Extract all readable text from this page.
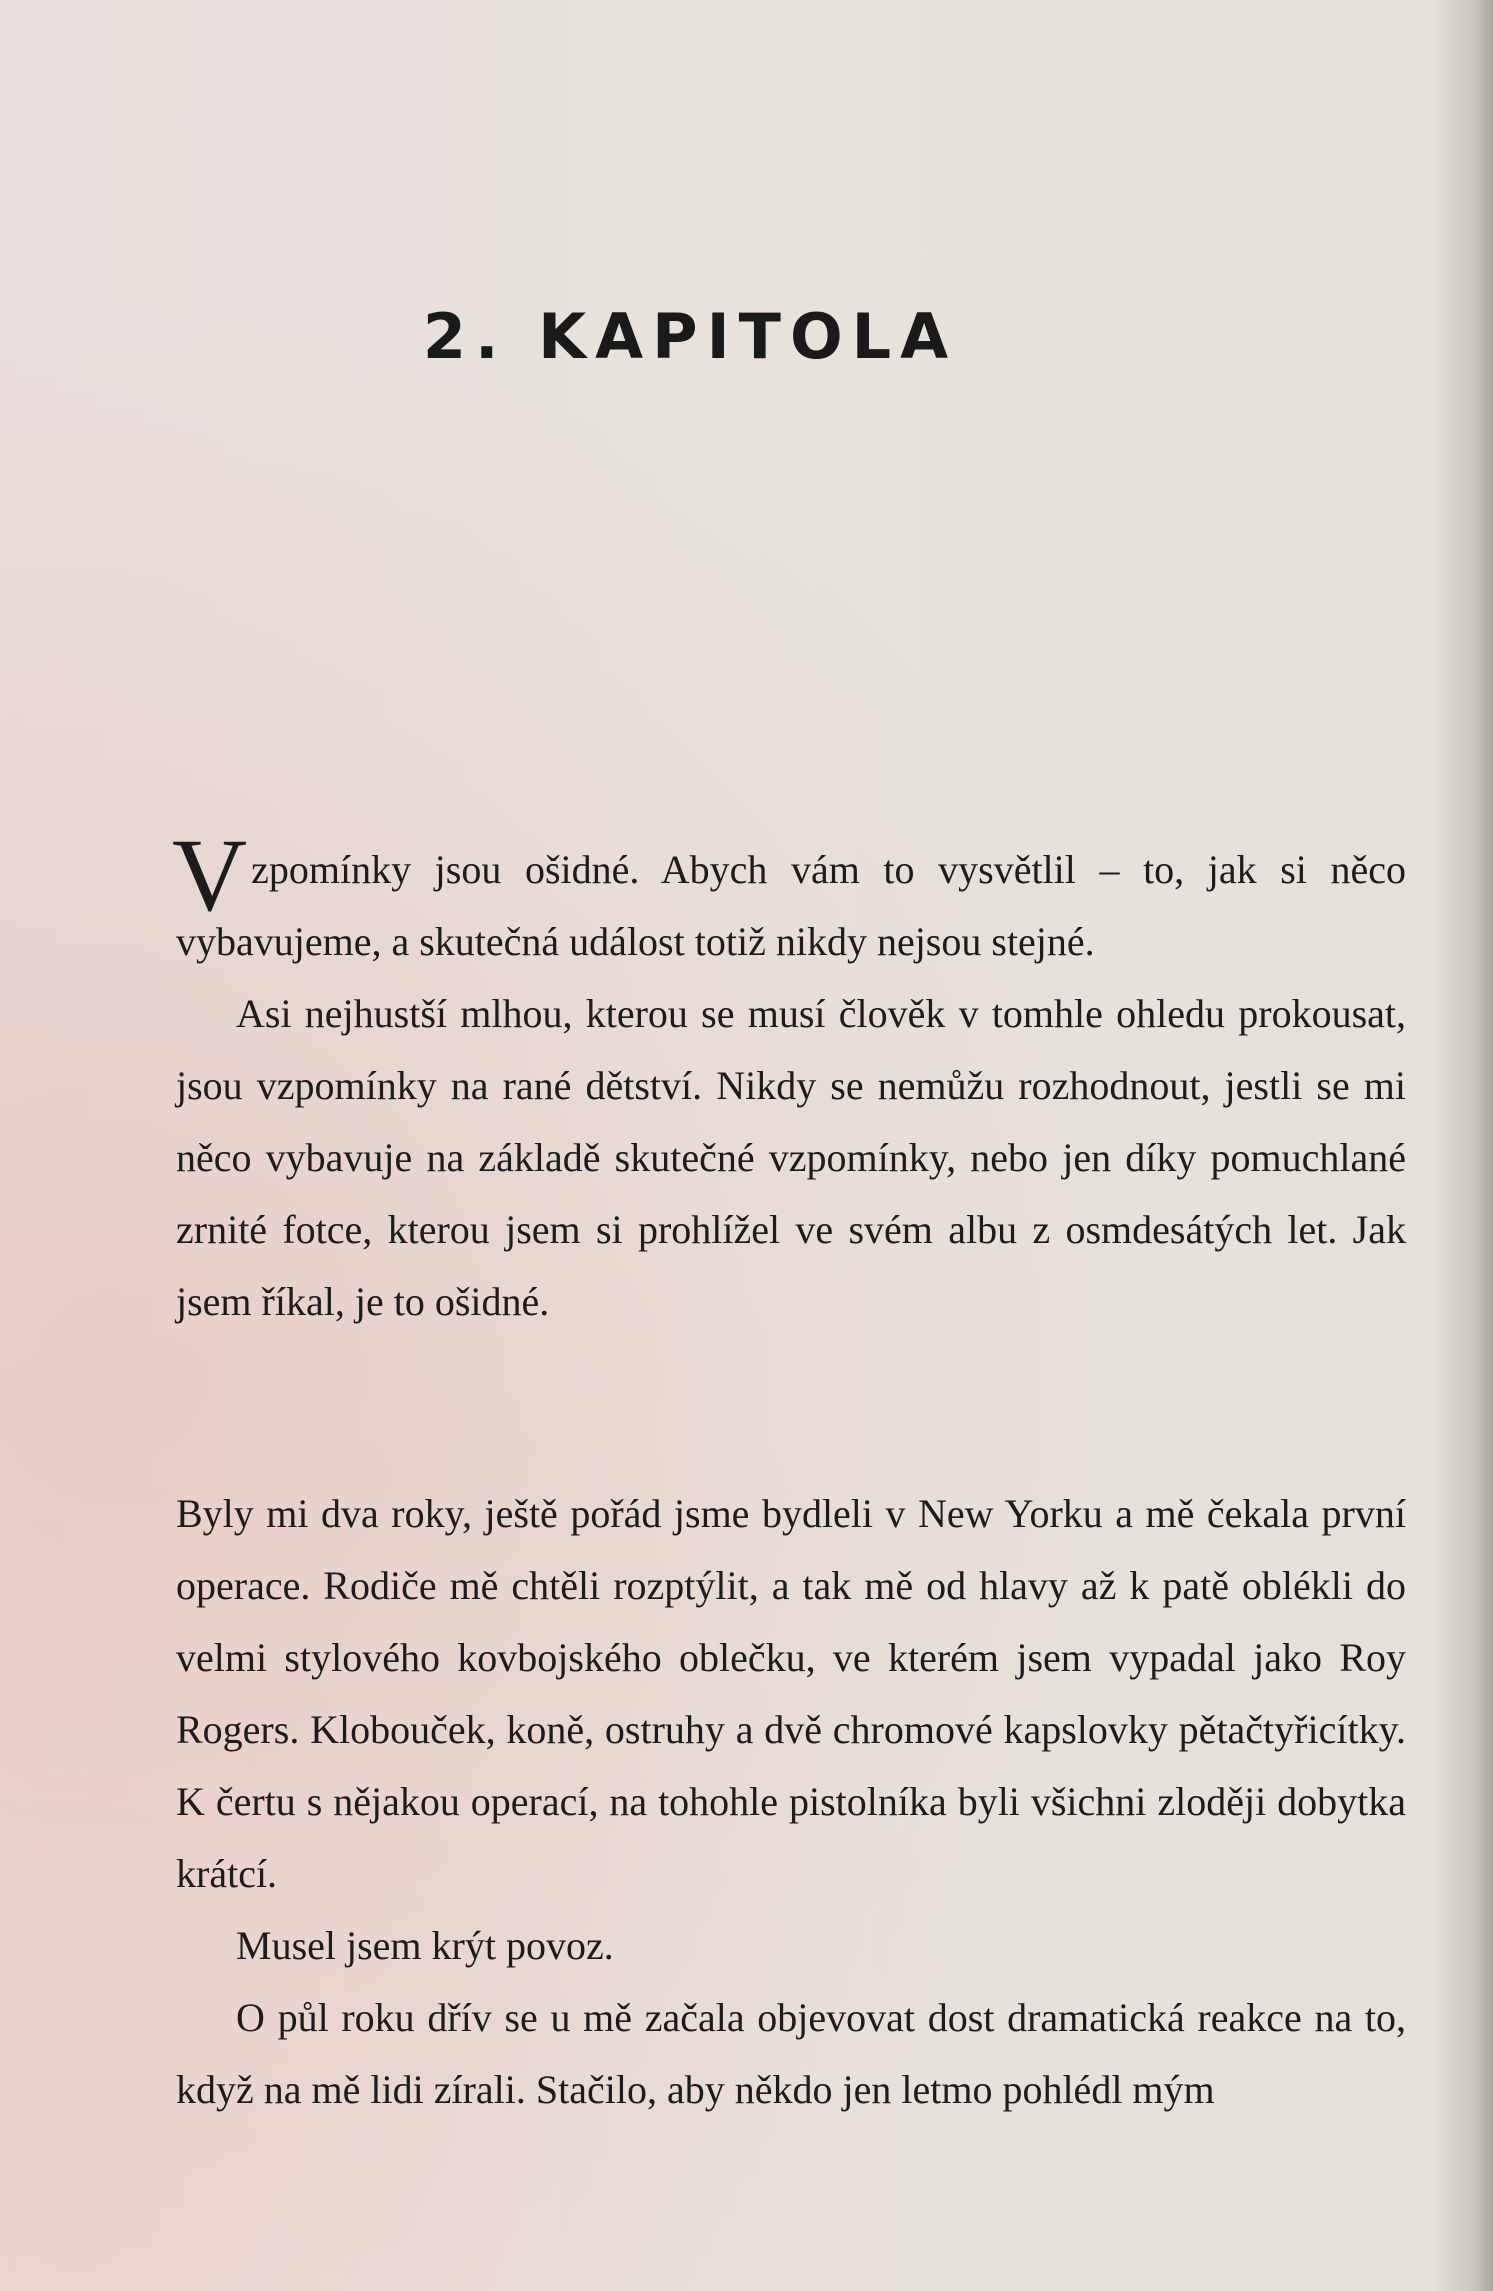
2. KAPITOLA

Vzpomínky jsou ošidné. Abych vám to vysvětlil – to, jak si něco vybavujeme, a skutečná událost totiž nikdy nejsou stejné.

Asi nejhustší mlhou, kterou se musí člověk v tomhle ohledu prokousat, jsou vzpomínky na rané dětství. Nikdy se nemůžu rozhodnout, jestli se mi něco vybavuje na základě skutečné vzpomínky, nebo jen díky pomuchlané zrnité fotce, kterou jsem si prohlížel ve svém albu z osmdesátých let. Jak jsem říkal, je to ošidné.

Byly mi dva roky, ještě pořád jsme bydleli v New Yorku a mě čekala první operace. Rodiče mě chtěli rozptýlit, a tak mě od hlavy až k patě oblékli do velmi stylového kovbojského oblečku, ve kterém jsem vypadal jako Roy Rogers. Klobouček, koně, ostruhy a dvě chromové kapslovky pětačtyřicítky. K čertu s nějakou operací, na tohohle pistolníka byli všichni zloději dobytka krátcí.

Musel jsem krýt povoz.

O půl roku dřív se u mě začala objevovat dost dramatická reakce na to, když na mě lidi zírali. Stačilo, aby někdo jen letmo pohlédl mým
